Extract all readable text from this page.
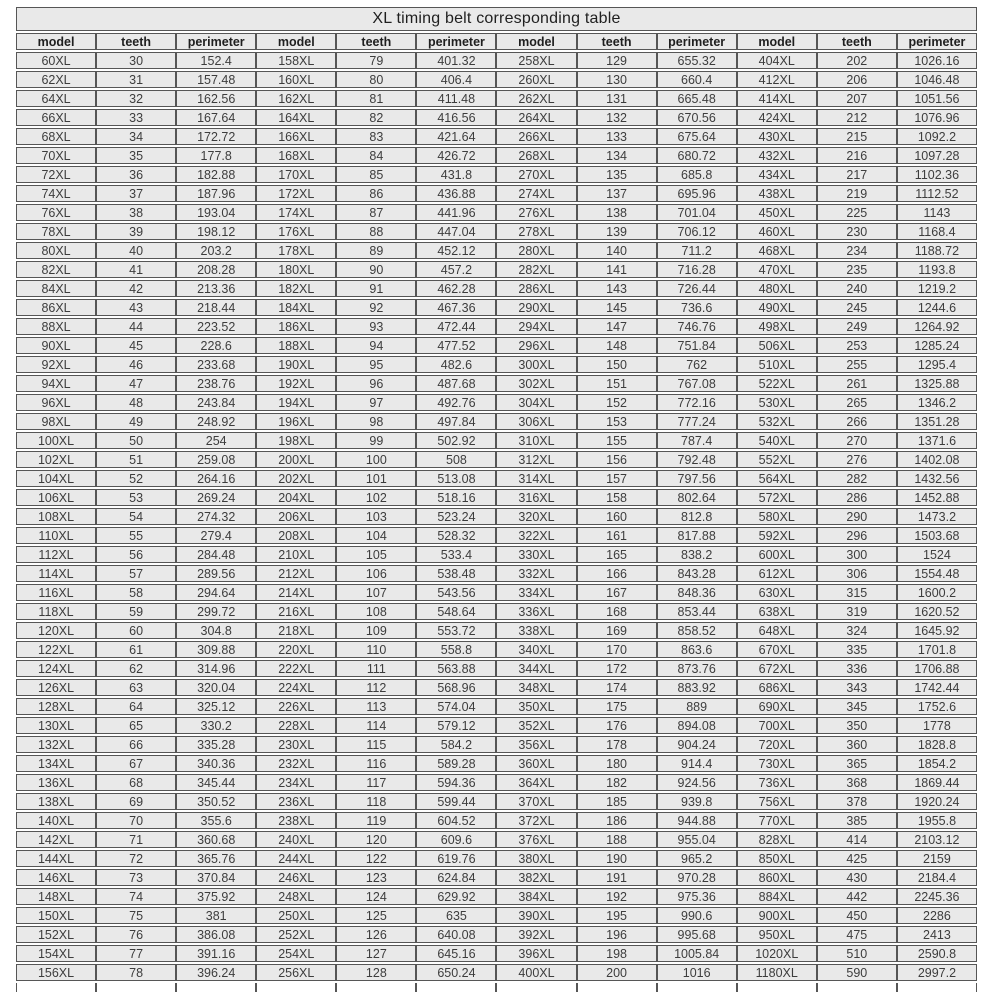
XL timing belt corresponding table											
model	teeth	perimeter	model	teeth	perimeter	model	teeth	perimeter	model	teeth	perimeter
60XL	30	152.4	158XL	79	401.32	258XL	129	655.32	404XL	202	1026.16
62XL	31	157.48	160XL	80	406.4	260XL	130	660.4	412XL	206	1046.48
64XL	32	162.56	162XL	81	411.48	262XL	131	665.48	414XL	207	1051.56
66XL	33	167.64	164XL	82	416.56	264XL	132	670.56	424XL	212	1076.96
68XL	34	172.72	166XL	83	421.64	266XL	133	675.64	430XL	215	1092.2
70XL	35	177.8	168XL	84	426.72	268XL	134	680.72	432XL	216	1097.28
72XL	36	182.88	170XL	85	431.8	270XL	135	685.8	434XL	217	1102.36
74XL	37	187.96	172XL	86	436.88	274XL	137	695.96	438XL	219	1112.52
76XL	38	193.04	174XL	87	441.96	276XL	138	701.04	450XL	225	1143
78XL	39	198.12	176XL	88	447.04	278XL	139	706.12	460XL	230	1168.4
80XL	40	203.2	178XL	89	452.12	280XL	140	711.2	468XL	234	1188.72
82XL	41	208.28	180XL	90	457.2	282XL	141	716.28	470XL	235	1193.8
84XL	42	213.36	182XL	91	462.28	286XL	143	726.44	480XL	240	1219.2
86XL	43	218.44	184XL	92	467.36	290XL	145	736.6	490XL	245	1244.6
88XL	44	223.52	186XL	93	472.44	294XL	147	746.76	498XL	249	1264.92
90XL	45	228.6	188XL	94	477.52	296XL	148	751.84	506XL	253	1285.24
92XL	46	233.68	190XL	95	482.6	300XL	150	762	510XL	255	1295.4
94XL	47	238.76	192XL	96	487.68	302XL	151	767.08	522XL	261	1325.88
96XL	48	243.84	194XL	97	492.76	304XL	152	772.16	530XL	265	1346.2
98XL	49	248.92	196XL	98	497.84	306XL	153	777.24	532XL	266	1351.28
100XL	50	254	198XL	99	502.92	310XL	155	787.4	540XL	270	1371.6
102XL	51	259.08	200XL	100	508	312XL	156	792.48	552XL	276	1402.08
104XL	52	264.16	202XL	101	513.08	314XL	157	797.56	564XL	282	1432.56
106XL	53	269.24	204XL	102	518.16	316XL	158	802.64	572XL	286	1452.88
108XL	54	274.32	206XL	103	523.24	320XL	160	812.8	580XL	290	1473.2
110XL	55	279.4	208XL	104	528.32	322XL	161	817.88	592XL	296	1503.68
112XL	56	284.48	210XL	105	533.4	330XL	165	838.2	600XL	300	1524
114XL	57	289.56	212XL	106	538.48	332XL	166	843.28	612XL	306	1554.48
116XL	58	294.64	214XL	107	543.56	334XL	167	848.36	630XL	315	1600.2
118XL	59	299.72	216XL	108	548.64	336XL	168	853.44	638XL	319	1620.52
120XL	60	304.8	218XL	109	553.72	338XL	169	858.52	648XL	324	1645.92
122XL	61	309.88	220XL	110	558.8	340XL	170	863.6	670XL	335	1701.8
124XL	62	314.96	222XL	111	563.88	344XL	172	873.76	672XL	336	1706.88
126XL	63	320.04	224XL	112	568.96	348XL	174	883.92	686XL	343	1742.44
128XL	64	325.12	226XL	113	574.04	350XL	175	889	690XL	345	1752.6
130XL	65	330.2	228XL	114	579.12	352XL	176	894.08	700XL	350	1778
132XL	66	335.28	230XL	115	584.2	356XL	178	904.24	720XL	360	1828.8
134XL	67	340.36	232XL	116	589.28	360XL	180	914.4	730XL	365	1854.2
136XL	68	345.44	234XL	117	594.36	364XL	182	924.56	736XL	368	1869.44
138XL	69	350.52	236XL	118	599.44	370XL	185	939.8	756XL	378	1920.24
140XL	70	355.6	238XL	119	604.52	372XL	186	944.88	770XL	385	1955.8
142XL	71	360.68	240XL	120	609.6	376XL	188	955.04	828XL	414	2103.12
144XL	72	365.76	244XL	122	619.76	380XL	190	965.2	850XL	425	2159
146XL	73	370.84	246XL	123	624.84	382XL	191	970.28	860XL	430	2184.4
148XL	74	375.92	248XL	124	629.92	384XL	192	975.36	884XL	442	2245.36
150XL	75	381	250XL	125	635	390XL	195	990.6	900XL	450	2286
152XL	76	386.08	252XL	126	640.08	392XL	196	995.68	950XL	475	2413
154XL	77	391.16	254XL	127	645.16	396XL	198	1005.84	1020XL	510	2590.8
156XL	78	396.24	256XL	128	650.24	400XL	200	1016	1180XL	590	2997.2
